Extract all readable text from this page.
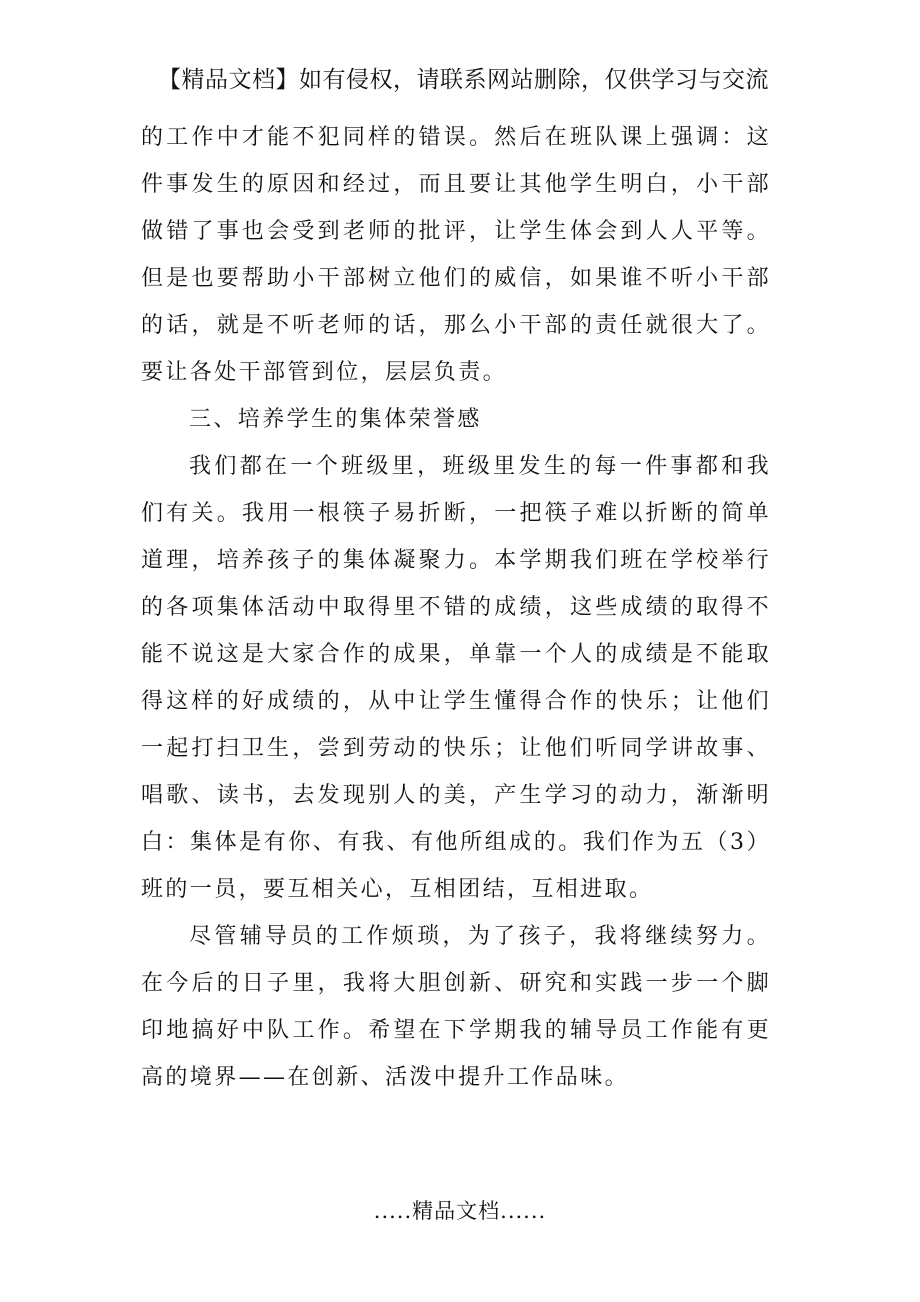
【精品文档】如有侵权，请联系网站删除，仅供学习与交流

的工作中才能不犯同样的错误。然后在班队课上强调：这件事发生的原因和经过，而且要让其他学生明白，小干部做错了事也会受到老师的批评，让学生体会到人人平等。但是也要帮助小干部树立他们的威信，如果谁不听小干部的话，就是不听老师的话，那么小干部的责任就很大了。要让各处干部管到位，层层负责。

三、培养学生的集体荣誉感

我们都在一个班级里，班级里发生的每一件事都和我们有关。我用一根筷子易折断，一把筷子难以折断的简单道理，培养孩子的集体凝聚力。本学期我们班在学校举行的各项集体活动中取得里不错的成绩，这些成绩的取得不能不说这是大家合作的成果，单靠一个人的成绩是不能取得这样的好成绩的，从中让学生懂得合作的快乐；让他们一起打扫卫生，尝到劳动的快乐；让他们听同学讲故事、唱歌、读书，去发现别人的美，产生学习的动力，渐渐明白：集体是有你、有我、有他所组成的。我们作为五（3）班的一员，要互相关心，互相团结，互相进取。

尽管辅导员的工作烦琐，为了孩子，我将继续努力。在今后的日子里，我将大胆创新、研究和实践一步一个脚印地搞好中队工作。希望在下学期我的辅导员工作能有更高的境界——在创新、活泼中提升工作品味。

.....精品文档......
